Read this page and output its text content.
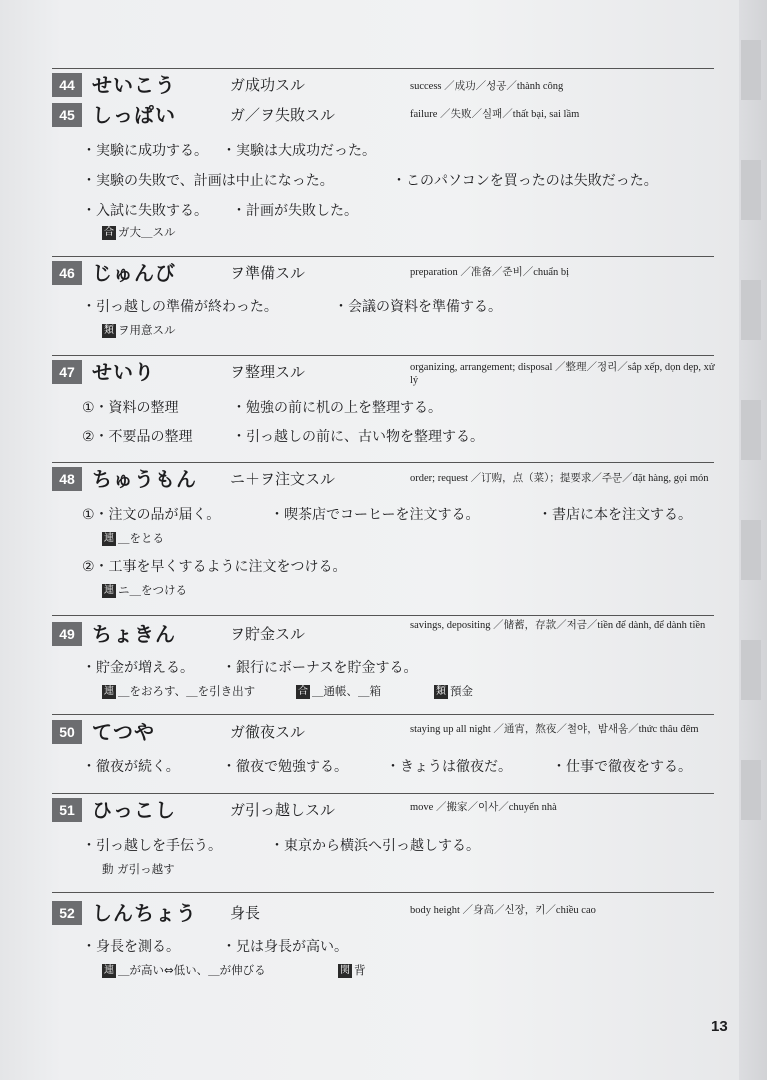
44 せいこう	ガ成功スル	success ／成功／성공／thành công
45 しっぱい	ガ／ヲ失敗スル	failure ／失败／실패／thất bại, sai lầm
・実験に成功する。 ・実験は大成功だった。
・実験の失敗で、計画は中止になった。	・このパソコンを買ったのは失敗だった。
・入試に失敗する。 ・計画が失敗した。
合 ガ大＿スル
46 じゅんび	ヲ準備スル	preparation ／准备／준비／chuẩn bị
・引っ越しの準備が終わった。	・会議の資料を準備する。
類 ヲ用意スル
47 せいり	ヲ整理スル	organizing, arrangement; disposal ／整理／정리／sắp xếp, dọn dẹp, xử lý
①・資料の整理	・勉強の前に机の上を整理する。
②・不要品の整理	・引っ越しの前に、古い物を整理する。
48 ちゅうもん ニ＋ヲ注文スル	order; request ／订购，点（菜）；提要求／주문／đặt hàng, gọi món
①・注文の品が届く。	・喫茶店でコーヒーを注文する。	・書店に本を注文する。
連 ＿をとる
②・工事を早くするように注文をつける。
連 ニ＿をつける
49 ちょきん	ヲ貯金スル	savings, depositing ／储蓄，存款／저금／tiền để dành, để dành tiền
・貯金が増える。 ・銀行にボーナスを貯金する。
連 ＿をおろす、＿を引き出す	合 ＿通帳、＿箱	類 預金
50 てつや	ガ徹夜スル	staying up all night ／通宵，熬夜／철야，밤새움／thức thâu đêm
・徹夜が続く。	・徹夜で勉強する。	・きょうは徹夜だ。	・仕事で徹夜をする。
51 ひっこし	ガ引っ越しスル	move ／搬家／이사／chuyển nhà
・引っ越しを手伝う。	・東京から横浜へ引っ越しする。
動 ガ引っ越す
52 しんちょう 身長	body height ／身高／신장，키／chiều cao
・身長を測る。	・兄は身長が高い。
連 ＿が高い⇔低い、＿が伸びる	関 背
13
